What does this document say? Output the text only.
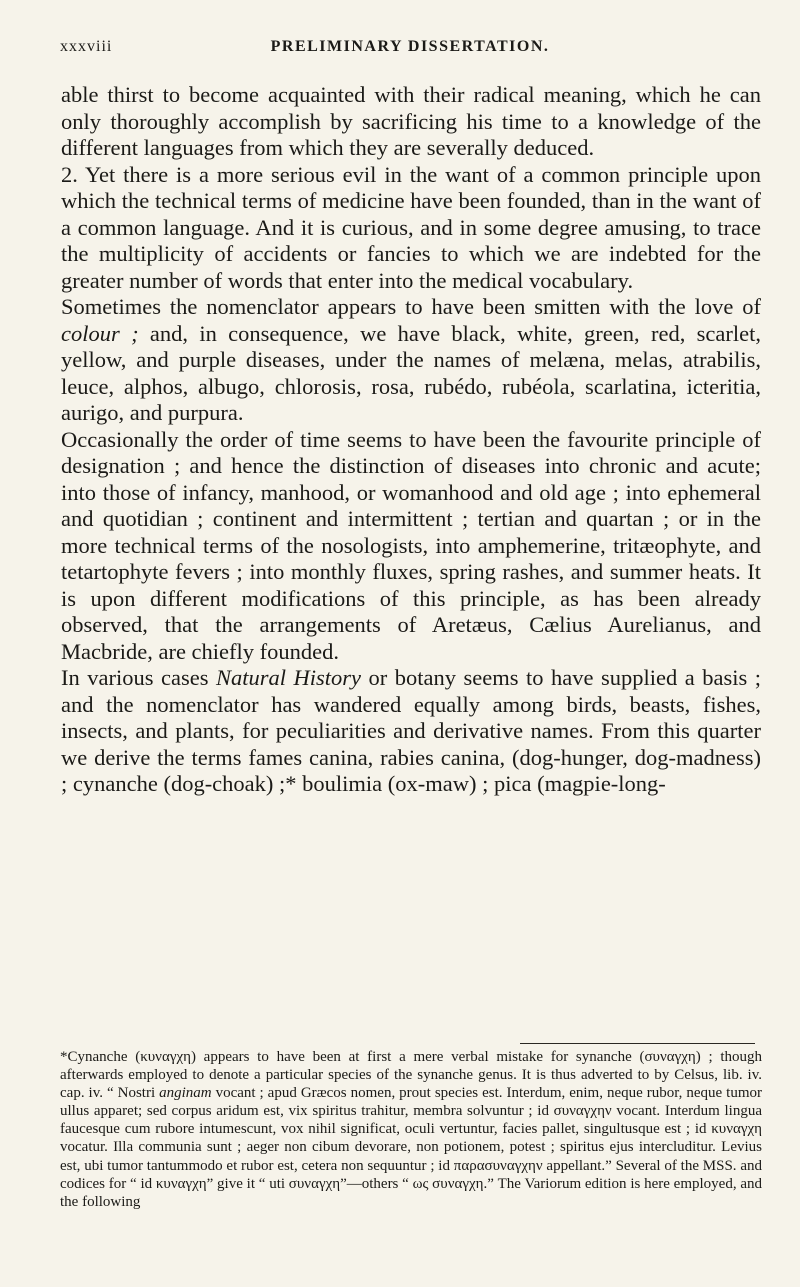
xxxviii	PRELIMINARY DISSERTATION.

able thirst to become acquainted with their radical meaning, which he can only thoroughly accomplish by sacrificing his time to a knowledge of the different languages from which they are severally deduced.

2. Yet there is a more serious evil in the want of a common principle upon which the technical terms of medicine have been founded, than in the want of a common language. And it is curious, and in some degree amusing, to trace the multiplicity of accidents or fancies to which we are indebted for the greater number of words that enter into the medical vocabulary.

Sometimes the nomenclator appears to have been smitten with the love of colour ; and, in consequence, we have black, white, green, red, scarlet, yellow, and purple diseases, under the names of melæna, melas, atrabilis, leuce, alphos, albugo, chlorosis, rosa, rubédo, rubéola, scarlatina, icteritia, aurigo, and purpura.

Occasionally the order of time seems to have been the favourite principle of designation ; and hence the distinction of diseases into chronic and acute; into those of infancy, manhood, or womanhood and old age ; into ephemeral and quotidian ; continent and intermittent ; tertian and quartan ; or in the more technical terms of the nosologists, into amphemerine, tritæophyte, and tetartophyte fevers ; into monthly fluxes, spring rashes, and summer heats. It is upon different modifications of this principle, as has been already observed, that the arrangements of Aretæus, Cælius Aurelianus, and Macbride, are chiefly founded.

In various cases Natural History or botany seems to have supplied a basis ; and the nomenclator has wandered equally among birds, beasts, fishes, insects, and plants, for peculiarities and derivative names. From this quarter we derive the terms fames canina, rabies canina, (dog-hunger, dog-madness) ; cynanche (dog-choak) ;* boulimia (ox-maw) ; pica (magpie-long-

*Cynanche (κυναγχη) appears to have been at first a mere verbal mistake for synanche (συναγχη) ; though afterwards employed to denote a particular species of the synanche genus. It is thus adverted to by Celsus, lib. iv. cap. iv. “ Nostri anginam vocant ; apud Græcos nomen, prout species est. Interdum, enim, neque rubor, neque tumor ullus apparet; sed corpus aridum est, vix spiritus trahitur, membra solvuntur ; id συναγχην vocant. Interdum lingua faucesque cum rubore intumescunt, vox nihil significat, oculi vertuntur, facies pallet, singultusque est ; id κυναγχη vocatur. Illa communia sunt ; aeger non cibum devorare, non potionem, potest ; spiritus ejus intercluditur. Levius est, ubi tumor tantummodo et rubor est, cetera non sequuntur ; id παρασυναγχην appellant.” Several of the MSS. and codices for “ id κυναγχη” give it “ uti συναγχη”—others “ ως συναγχη.” The Variorum edition is here employed, and the following
